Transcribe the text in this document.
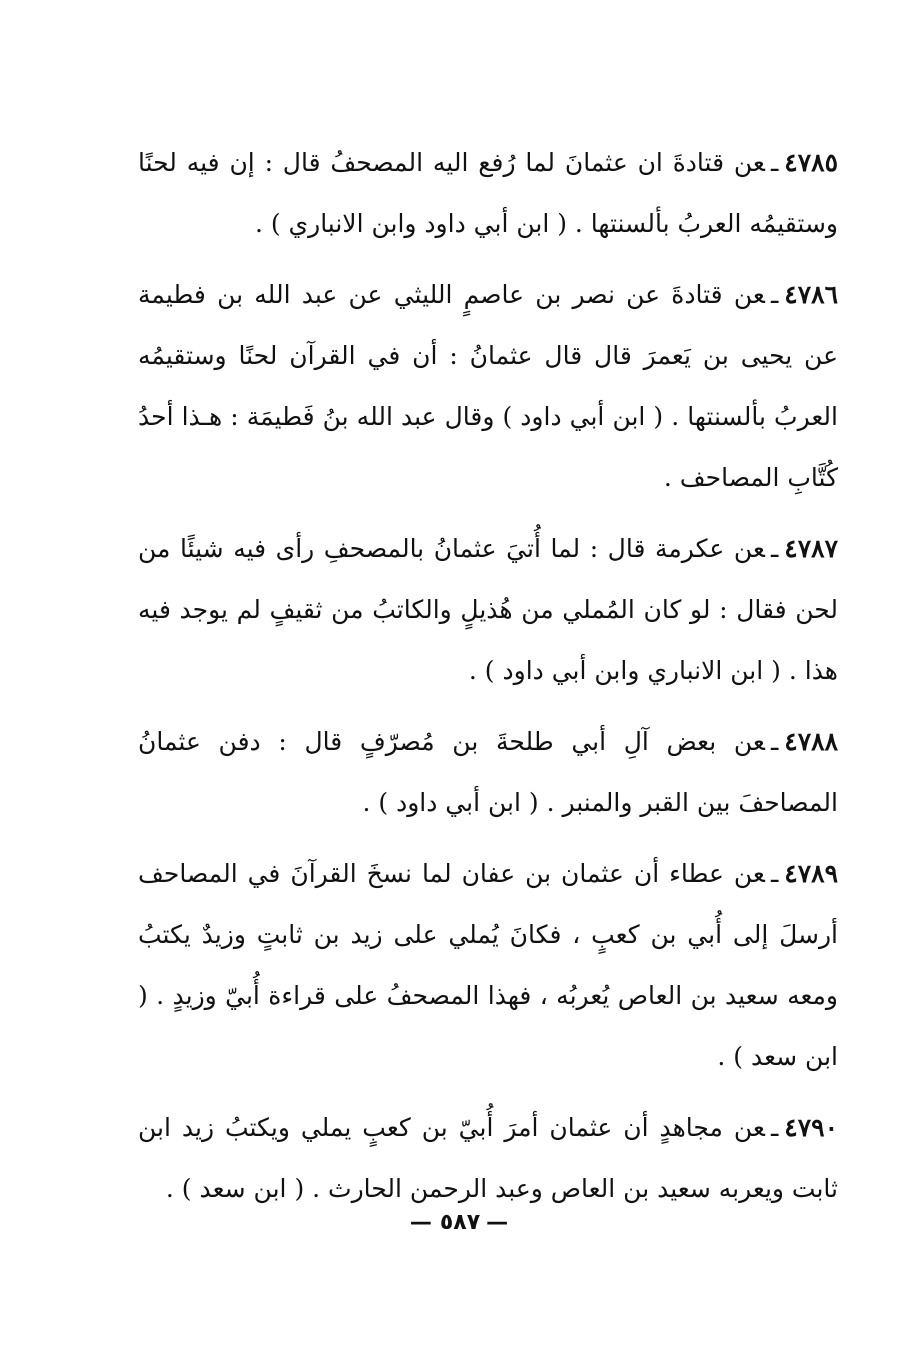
٤٧٨٥ـعن قتادةَ ان عثمانَ لما رُفع اليه المصحفُ قال : إن فيه لحنًا وستقيمُه العربُ بألسنتها . ( ابن أبي داود وابن الانباري ) .

٤٧٨٦ـعن قتادةَ عن نصر بن عاصمٍ الليثي عن عبد الله بن فطيمة عن يحيى بن يَعمرَ قال قال عثمانُ : أن في القرآن لحنًا وستقيمُه العربُ بألسنتها . ( ابن أبي داود ) وقال عبد الله بنُ فَطيمَة : هـذا أحدُ كُتَّابِ المصاحف .

٤٧٨٧ـعن عكرمة قال : لما أُتيَ عثمانُ بالمصحفِ رأى فيه شيئًا من لحن فقال : لو كان المُملي من هُذيلٍ والكاتبُ من ثقيفٍ لم يوجد فيه هذا . ( ابن الانباري وابن أبي داود ) .

٤٧٨٨ـعن بعض آلِ أبي طلحةَ بن مُصرّفٍ قال : دفن عثمانُ المصاحفَ بين القبر والمنبر . ( ابن أبي داود ) .

٤٧٨٩ـعن عطاء أن عثمان بن عفان لما نسخَ القرآنَ في المصاحف أرسلَ إلى أُبي بن كعبٍ ، فكانَ يُملي على زيد بن ثابتٍ وزيدٌ يكتبُ ومعه سعيد بن العاص يُعربُه ، فهذا المصحفُ على قراءة أُبيّ وزيدٍ . ( ابن سعد ) .

٤٧٩٠ـعن مجاهدٍ أن عثمان أمرَ أُبيّ بن كعبٍ يملي ويكتبُ زيد ابن ثابت ويعربه سعيد بن العاص وعبد الرحمن الحارث . ( ابن سعد ) .

—٥٨٧—
